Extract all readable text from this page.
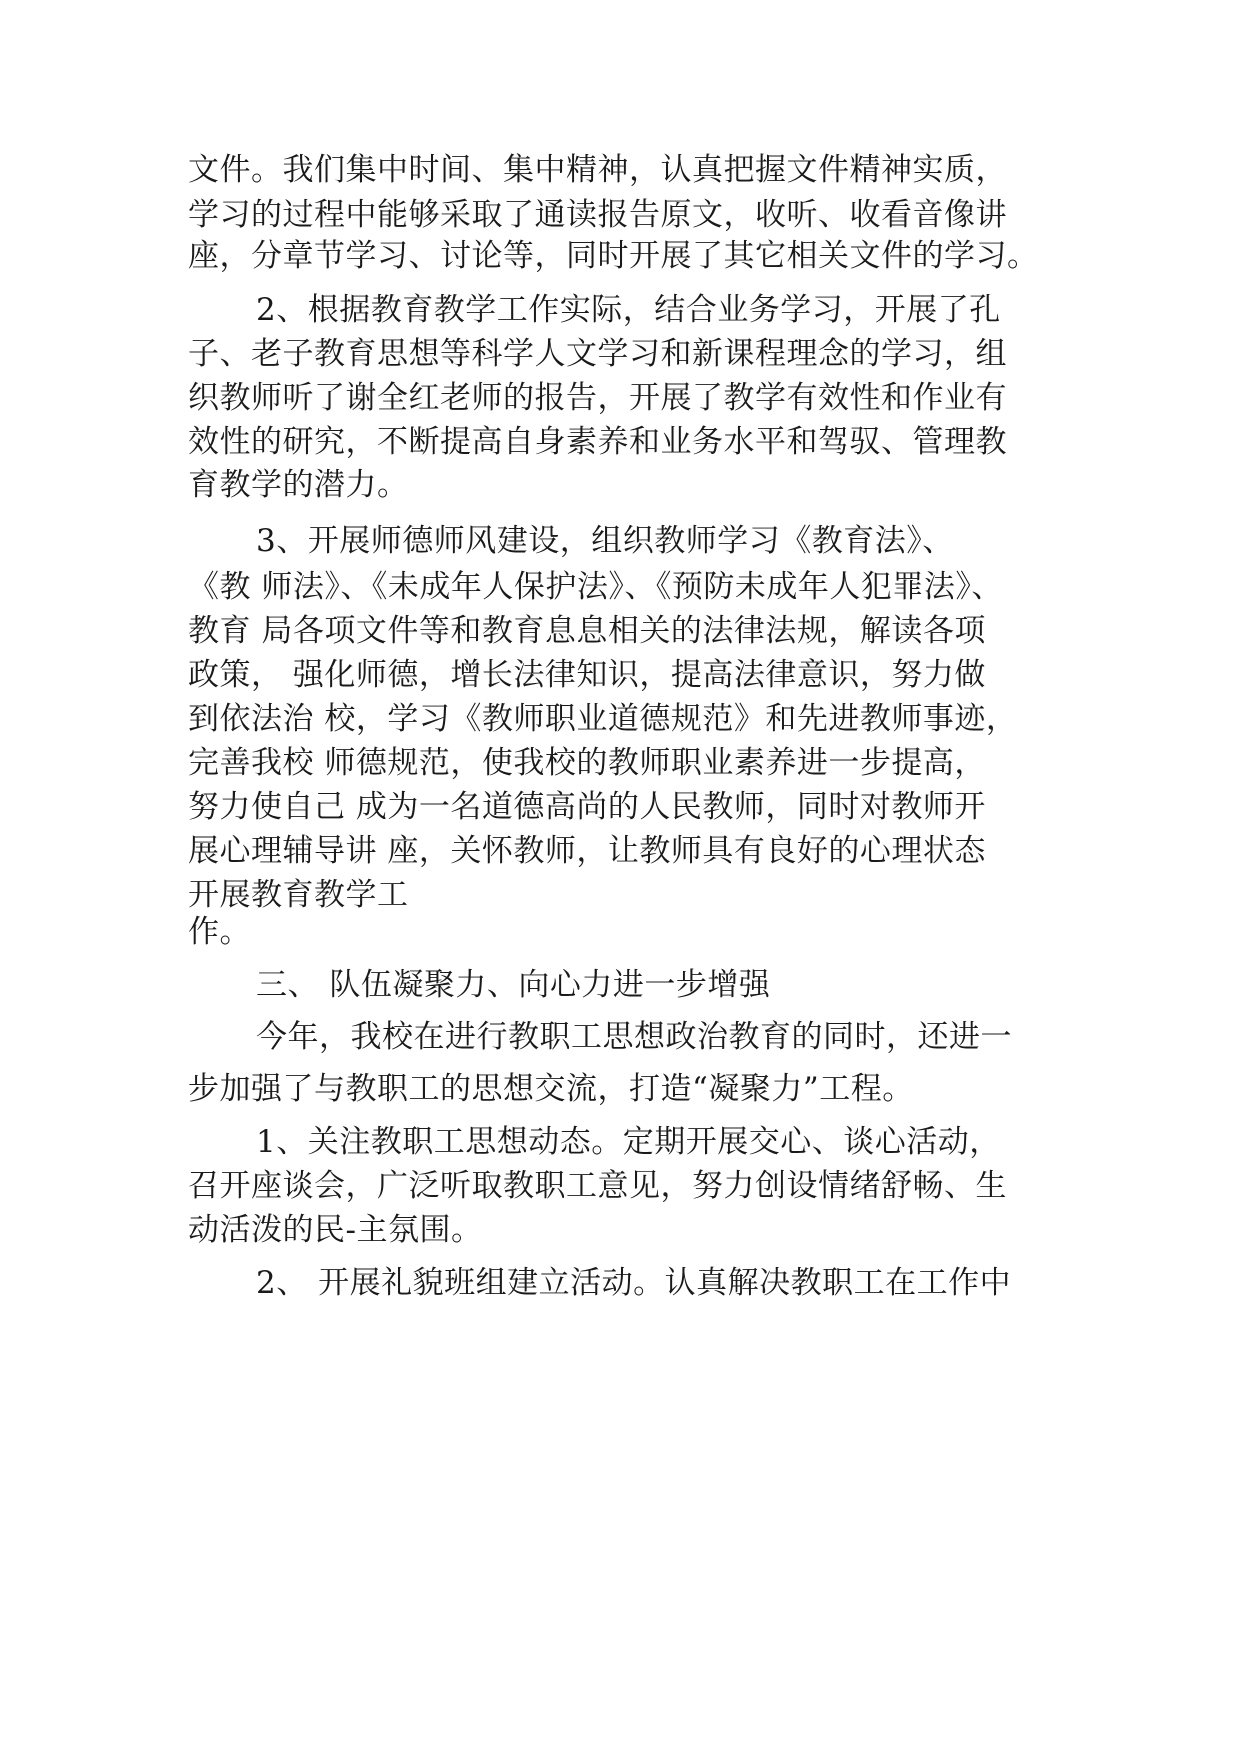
文件。我们集中时间、集中精神，认真把握文件精神实质，
学习的过程中能够采取了通读报告原文，收听、收看音像讲
座，分章节学习、讨论等，同时开展了其它相关文件的学习。
2、根据教育教学工作实际，结合业务学习，开展了孔
子、老子教育思想等科学人文学习和新课程理念的学习，组
织教师听了谢全红老师的报告，开展了教学有效性和作业有
效性的研究，不断提高自身素养和业务水平和驾驭、管理教
育教学的潜力。
3、开展师德师风建设，组织教师学习《教育法》、
《教 师法》、《未成年人保护法》、《预防未成年人犯罪法》、
教育 局各项文件等和教育息息相关的法律法规，解读各项
政策， 强化师德，增长法律知识，提高法律意识，努力做
到依法治 校，学习《教师职业道德规范》和先进教师事迹，
完善我校 师德规范，使我校的教师职业素养进一步提高，
努力使自己 成为一名道德高尚的人民教师，同时对教师开
展心理辅导讲 座，关怀教师，让教师具有良好的心理状态
开展教育教学工
作。
三、 队伍凝聚力、向心力进一步增强
今年，我校在进行教职工思想政治教育的同时，还进一
步加强了与教职工的思想交流，打造“凝聚力”工程。
1、关注教职工思想动态。定期开展交心、谈心活动，
召开座谈会，广泛听取教职工意见，努力创设情绪舒畅、生
动活泼的民-主氛围。
2、 开展礼貌班组建立活动。认真解决教职工在工作中
